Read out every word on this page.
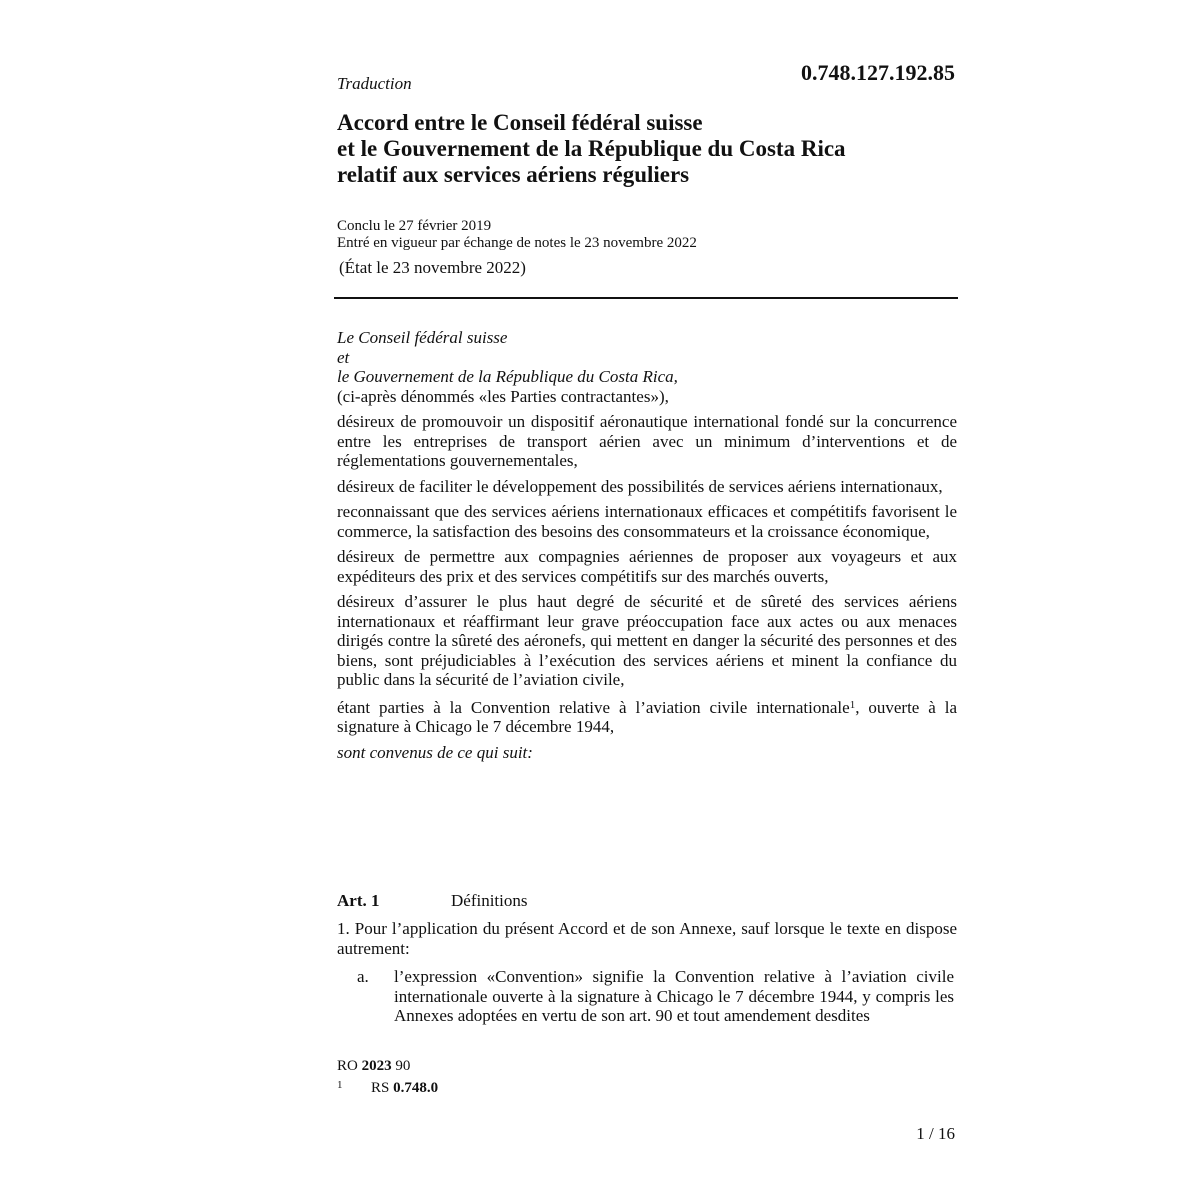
Traduction	0.748.127.192.85
Accord entre le Conseil fédéral suisse
et le Gouvernement de la République du Costa Rica
relatif aux services aériens réguliers
Conclu le 27 février 2019
Entré en vigueur par échange de notes le 23 novembre 2022
(État le 23 novembre 2022)
Le Conseil fédéral suisse
et
le Gouvernement de la République du Costa Rica,
(ci-après dénommés «les Parties contractantes»),
désireux de promouvoir un dispositif aéronautique international fondé sur la concurrence entre les entreprises de transport aérien avec un minimum d’interventions et de réglementations gouvernementales,
désireux de faciliter le développement des possibilités de services aériens internationaux,
reconnaissant que des services aériens internationaux efficaces et compétitifs favorisent le commerce, la satisfaction des besoins des consommateurs et la croissance économique,
désireux de permettre aux compagnies aériennes de proposer aux voyageurs et aux expéditeurs des prix et des services compétitifs sur des marchés ouverts,
désireux d’assurer le plus haut degré de sécurité et de sûreté des services aériens internationaux et réaffirmant leur grave préoccupation face aux actes ou aux menaces dirigés contre la sûreté des aéronefs, qui mettent en danger la sécurité des personnes et des biens, sont préjudiciables à l’exécution des services aériens et minent la confiance du public dans la sécurité de l’aviation civile,
étant parties à la Convention relative à l’aviation civile internationale$^1$, ouverte à la signature à Chicago le 7 décembre 1944,
sont convenus de ce qui suit:
Art. 1	Définitions
1. Pour l’application du présent Accord et de son Annexe, sauf lorsque le texte en dispose autrement:
a. l’expression «Convention» signifie la Convention relative à l’aviation civile internationale ouverte à la signature à Chicago le 7 décembre 1944, y compris les Annexes adoptées en vertu de son art. 90 et tout amendement desdites
RO 2023 90
1 RS 0.748.0
1 / 16
